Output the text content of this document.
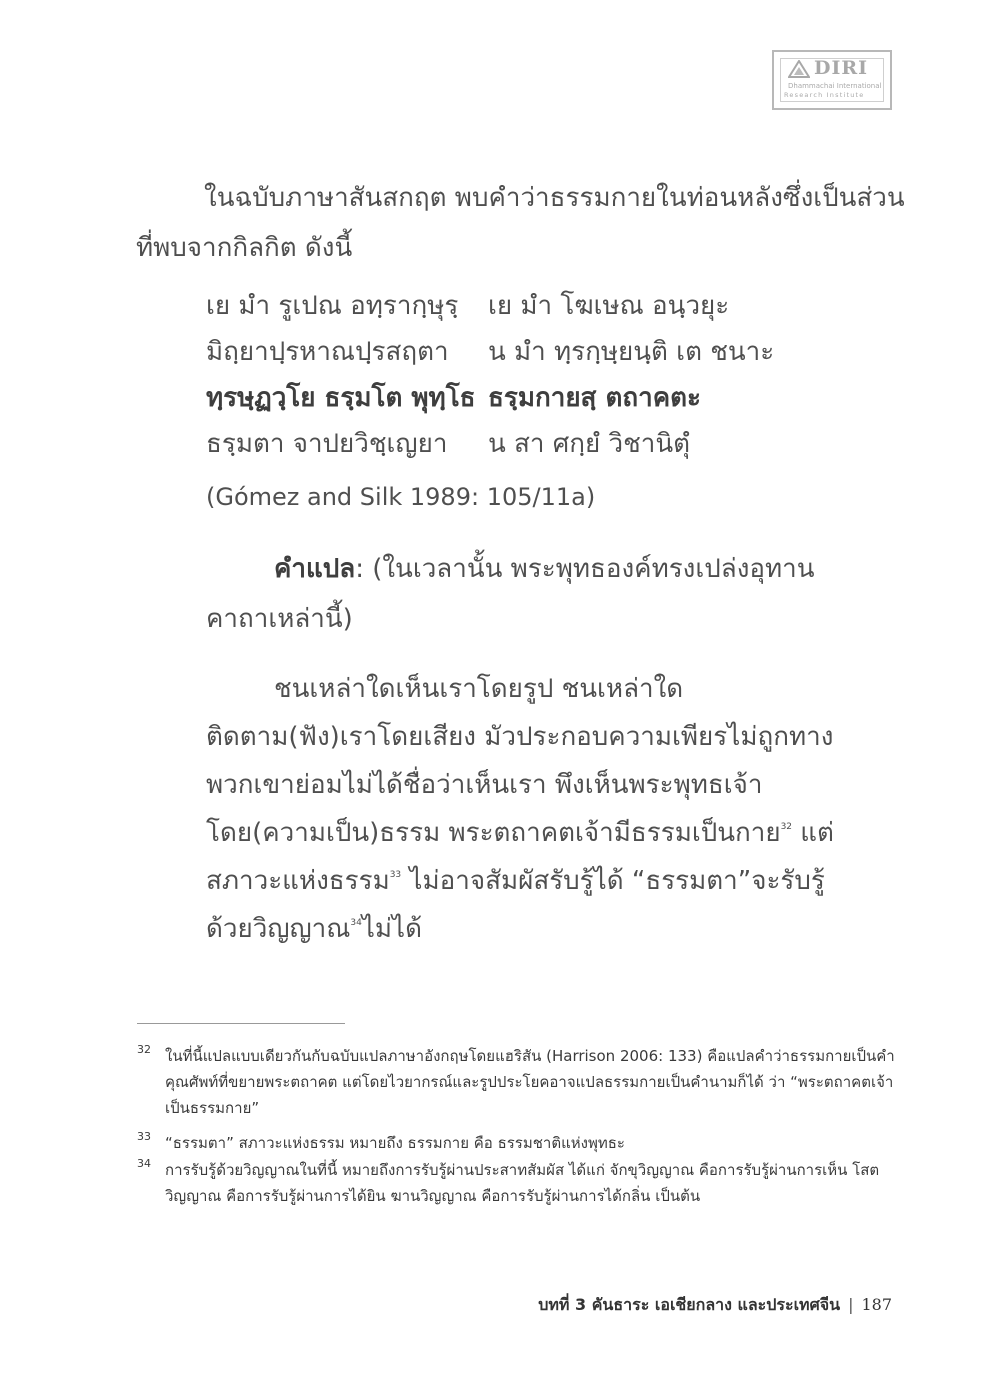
DIRI
Dhammachai International
Research Institute

ในฉบับภาษาสันสกฤต พบคำว่าธรรมกายในท่อนหลังซึ่งเป็นส่วนที่พบจากกิลกิต ดังนี้

เย มำ รูเปณ อทฺรากฺษุรฺ เย มำ โฆเษณ อนฺวยุะ
มิถฺยาปฺรหาณปฺรสฤตา น มำ ทฺรกฺษฺยนฺติ เต ชนาะ
ทฺรษฺฏวฺโย ธรฺมโต พุทฺโธ ธรฺมกายสฺ ตถาคตะ
ธรฺมตา จาปยวิชฺเญยา น สา ศกฺยํ วิชานิตุํ
(Gómez and Silk 1989: 105/11a)

คำแปล: (ในเวลานั้น พระพุทธองค์ทรงเปล่งอุทานคาถาเหล่านี้)

ชนเหล่าใดเห็นเราโดยรูป ชนเหล่าใดติดตาม(ฟัง)เราโดยเสียง มัวประกอบความเพียรไม่ถูกทาง พวกเขาย่อมไม่ได้ชื่อว่าเห็นเรา พึงเห็นพระพุทธเจ้าโดย(ความเป็น)ธรรม พระตถาคตเจ้ามีธรรมเป็นกาย$^{32}$ แต่สภาวะแห่งธรรม$^{33}$ ไม่อาจสัมผัสรับรู้ได้ “ธรรมตา”จะรับรู้ด้วยวิญญาณ$^{34}$ไม่ได้

32 ในที่นี้แปลแบบเดียวกันกับฉบับแปลภาษาอังกฤษโดยแฮริสัน (Harrison 2006: 133) คือแปลคำว่าธรรมกายเป็นคำคุณศัพท์ที่ขยายพระตถาคต แต่โดยไวยากรณ์และรูปประโยคอาจแปลธรรมกายเป็นคำนามก็ได้ ว่า “พระตถาคตเจ้าเป็นธรรมกาย”
33 “ธรรมตา” สภาวะแห่งธรรม หมายถึง ธรรมกาย คือ ธรรมชาติแห่งพุทธะ
34 การรับรู้ด้วยวิญญาณในที่นี้ หมายถึงการรับรู้ผ่านประสาทสัมผัส ได้แก่ จักขุวิญญาณ คือการรับรู้ผ่านการเห็น โสตวิญญาณ คือการรับรู้ผ่านการได้ยิน ฆานวิญญาณ คือการรับรู้ผ่านการได้กลิ่น เป็นต้น
บทที่ 3 คันธาระ เอเชียกลาง และประเทศจีน | 187
